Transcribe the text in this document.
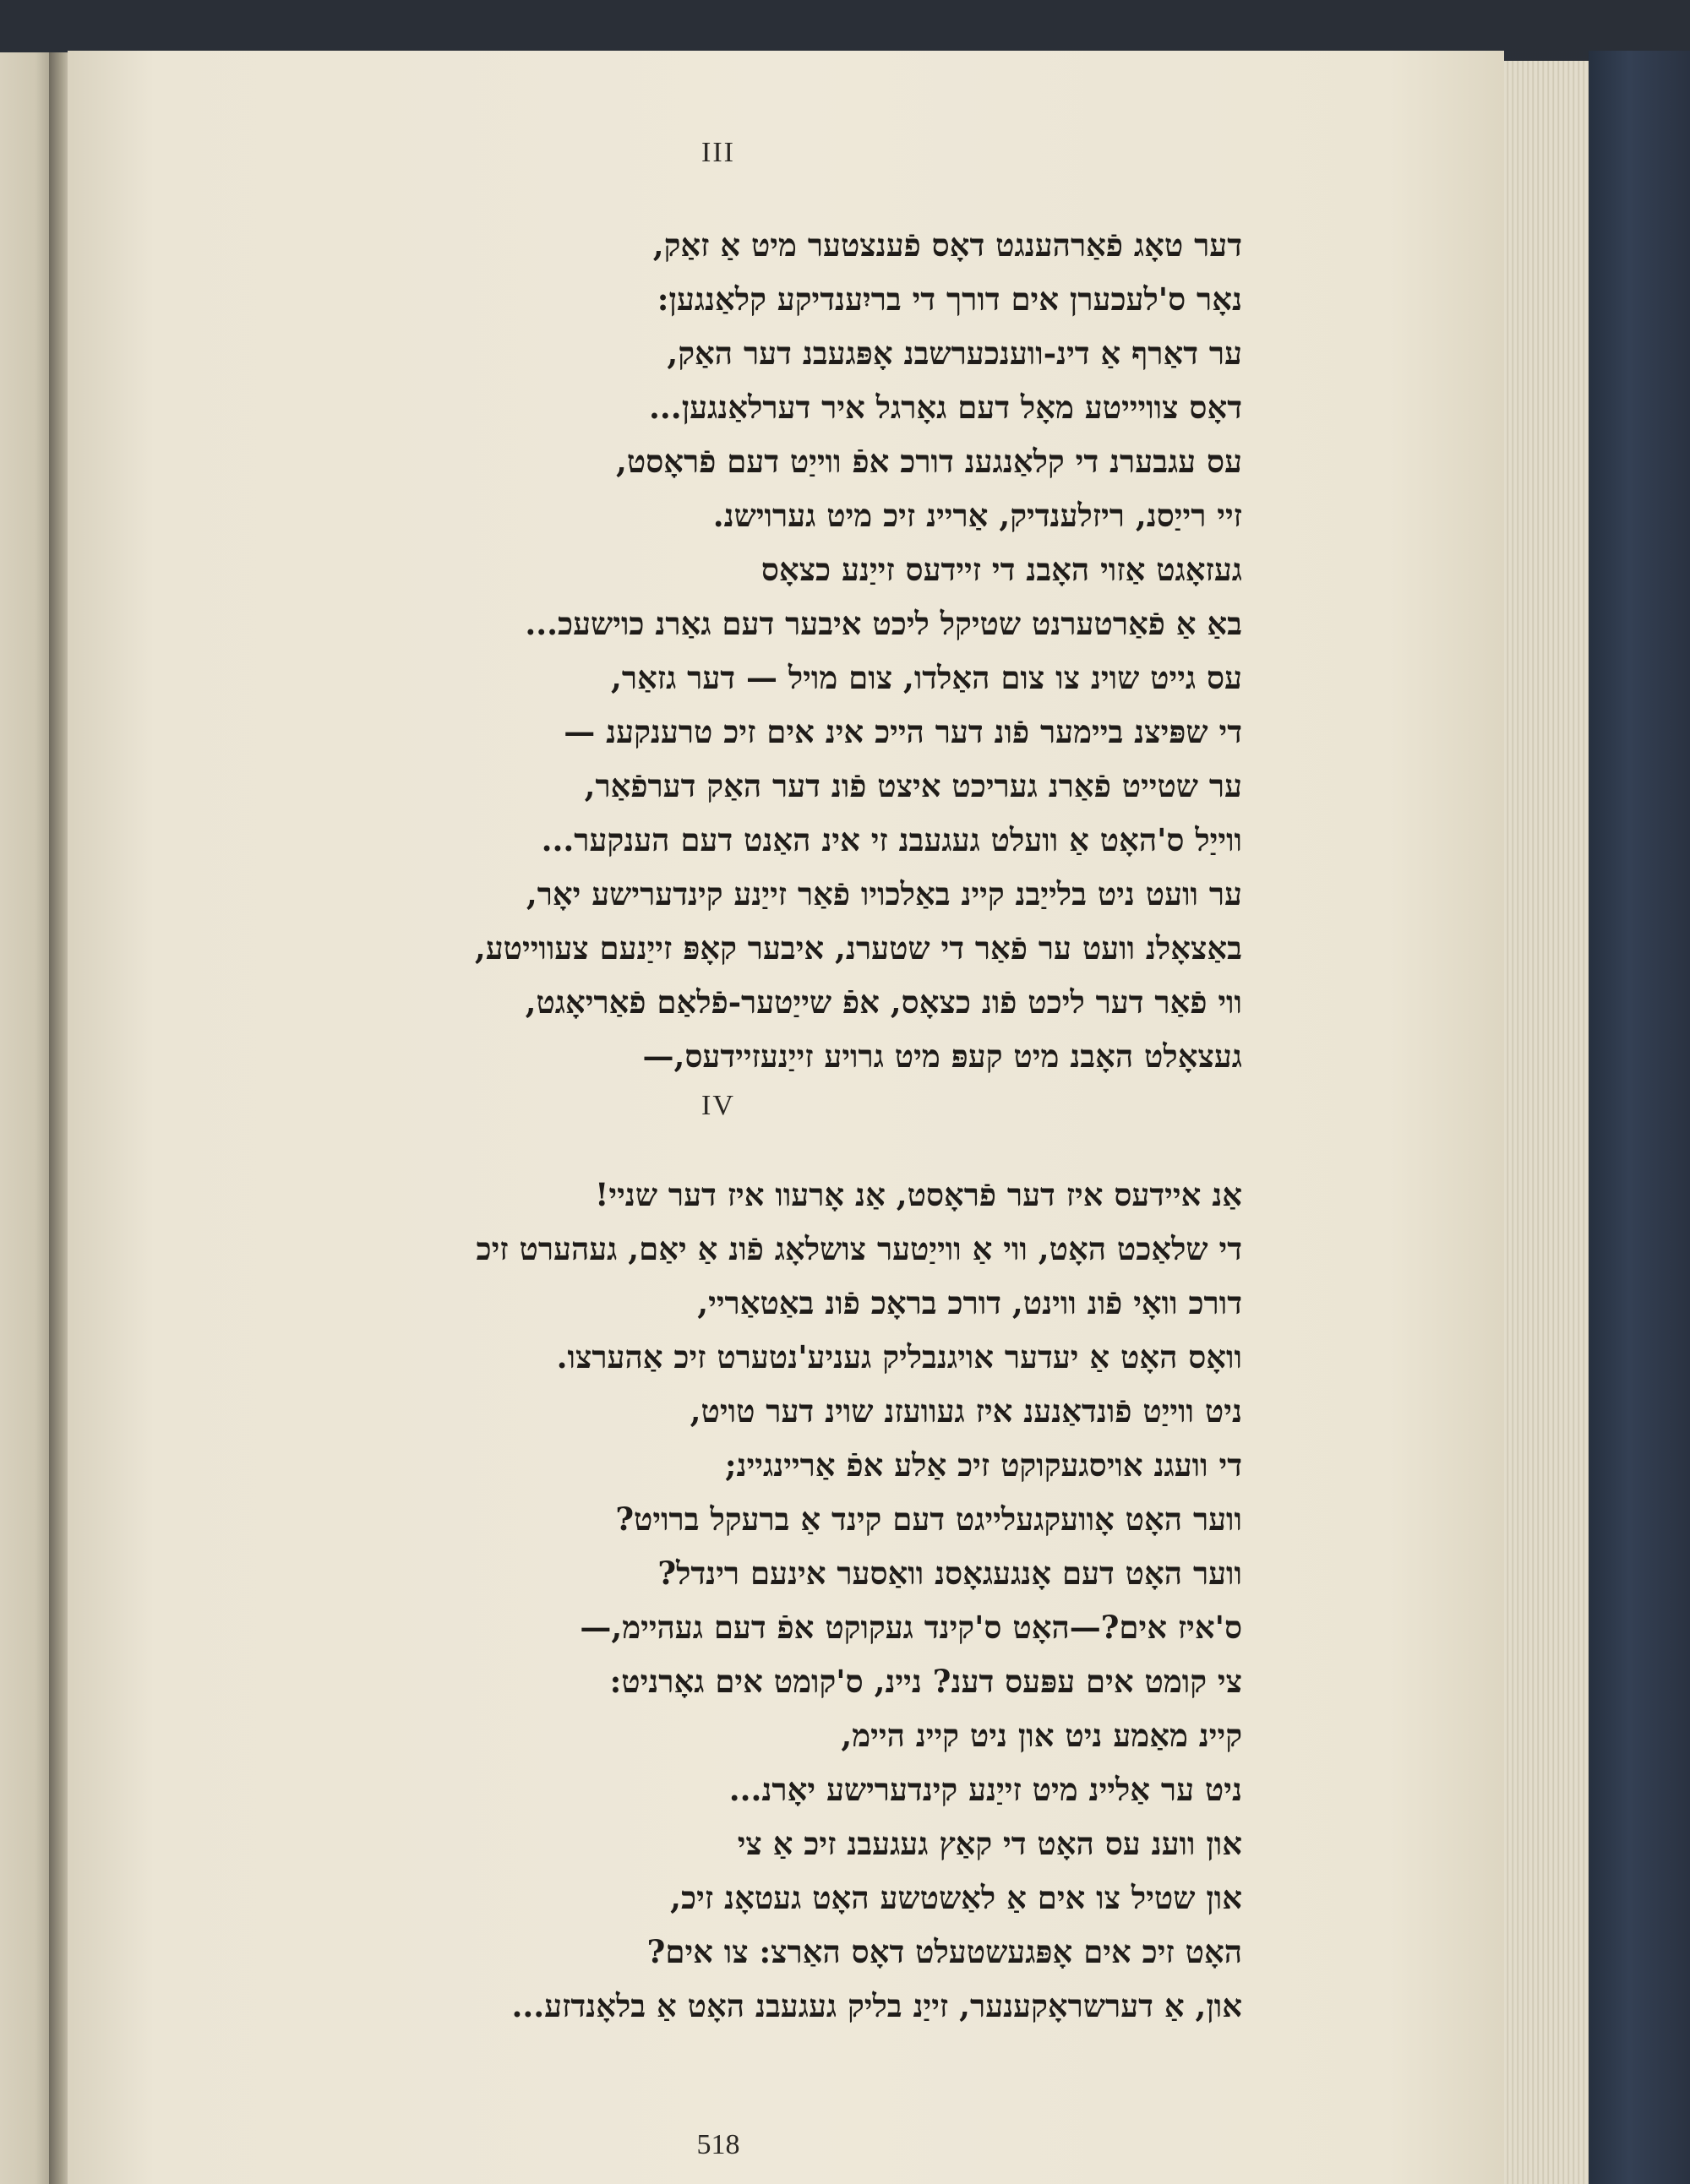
III
דער טאָג פֿאַרהענגט דאָס פֿענצטער מיט אַ זאַק,
נאָר ס'לעכערן אים דורך די בריִענדיקע קלאַנגען:
ער דאַרף אַ דינ-ווענכערשבנ אָפּגעבנ דער האַק,
דאָס צוויייטע מאָל דעם גאָרגל איר דערלאַנגען...
עס עגבערנ די קלאַנגענ דורכ אפֿ ווייַט דעם פֿראָסט,
זיי רייַסנ, ריזלענדיק, אַריינ זיכ מיט גערוישנ.
געזאָגט אַזוי האָבנ די זיידעס זייַנע כצאָס
באַ אַ פֿאַרטערנט שטיקל ליכט איבער דעם גאַרנ כוישעכ...
עס גייט שוינ צו צום האַלדו, צום מויל — דער גזאַר,
די שפּיצנ ביימער פֿונ דער הייכ אינ אים זיכ טרענקענ —
ער שטייט פֿאַרנ געריכט איצט פֿונ דער האַק דערפֿאַר,
ווייַל ס'האָט אַ וועלט געגעבנ זי אינ האַנט דעם הענקער...
ער וועט ניט בלייַבנ קיינ באַלכויו פֿאַר זייַנע קינדערישע יאָר,
באַצאָלנ וועט ער פֿאַר די שטערנ, איבער קאָפּ זייַנעם צעווייטע,
ווי פֿאַר דער ליכט פֿונ כצאָס, אפֿ שייַטער-פֿלאַם פֿאַריאָגט,
געצאָלט האָבנ מיט קעפּ מיט גרויע זייַנעזיידעס,—
IV
אַנ איידעס איז דער פֿראָסט, אַנ אָרעוו איז דער שניי!
די שלאַכט האָט, ווי אַ ווייַטער צושלאָג פֿונ אַ יאַם, געהערט זיכ
דורכ וואָי פֿונ ווינט, דורכ בראָכ פֿונ באַטאַריי,
וואָס האָט אַ יעדער אויגנבליק געניע'נטערט זיכ אַהערצו.
ניט ווייַט פֿונדאַנענ איז געוועזנ שוינ דער טויט,
די וועגנ אויסגעקוקט זיכ אַלע אפֿ אַריינגיינ;
ווער האָט אָוועקגעלייגט דעם קינד אַ ברעקל ברויט?
ווער האָט דעם אָנגעגאָסנ וואַסער אינעם רינדל?
ס'איז אים?—האָט ס'קינד געקוקט אפֿ דעם געהיימ,—
צי קומט אים עפּעס דענ? ניינ, ס'קומט אים גאָרניט:
קיינ מאַמע ניט און ניט קיינ היימ,
ניט ער אַליינ מיט זייַנע קינדערישע יאָרנ...
און ווענ עס האָט די קאַץ געגעבנ זיכ אַ צי
און שטיל צו אים אַ לאַשטשע האָט געטאָנ זיכ,
האָט זיכ אים אָפּגעשטעלט דאָס האַרצ: צו אים?
און, אַ דערשראָקענער, זייַנ בליק געגעבנ האָט אַ בלאָנדזע...
518
